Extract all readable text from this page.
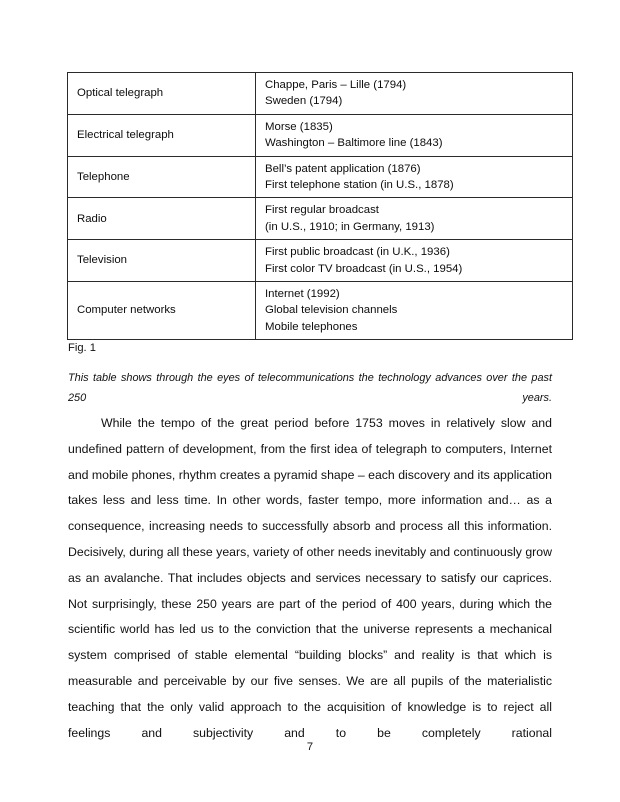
Optical telegraph	Chappe, Paris – Lille (1794)
Sweden (1794)

Electrical telegraph	Morse (1835)
Washington – Baltimore line (1843)

Telephone	Bell’s patent application (1876)
First telephone station (in U.S., 1878)

Radio	First regular broadcast
(in U.S., 1910; in Germany, 1913)

Television	First public broadcast (in U.K., 1936)
First color TV broadcast (in U.S., 1954)

Computer networks	Internet (1992)
Global television channels
Mobile telephones
Fig. 1
This table shows through the eyes of telecommunications the technology advances over the past 250 years.
While the tempo of the great period before 1753 moves in relatively slow and undefined pattern of development, from the first idea of telegraph to computers, Internet and mobile phones, rhythm creates a pyramid shape – each discovery and its application takes less and less time. In other words, faster tempo, more information and… as a consequence, increasing needs to successfully absorb and process all this information. Decisively, during all these years, variety of other needs inevitably and continuously grow as an avalanche. That includes objects and services necessary to satisfy our caprices. Not surprisingly, these 250 years are part of the period of 400 years, during which the scientific world has led us to the conviction that the universe represents a mechanical system comprised of stable elemental “building blocks” and reality is that which is measurable and perceivable by our five senses. We are all pupils of the materialistic teaching that the only valid approach to the acquisition of knowledge is to reject all feelings and subjectivity and to be completely rational
7
